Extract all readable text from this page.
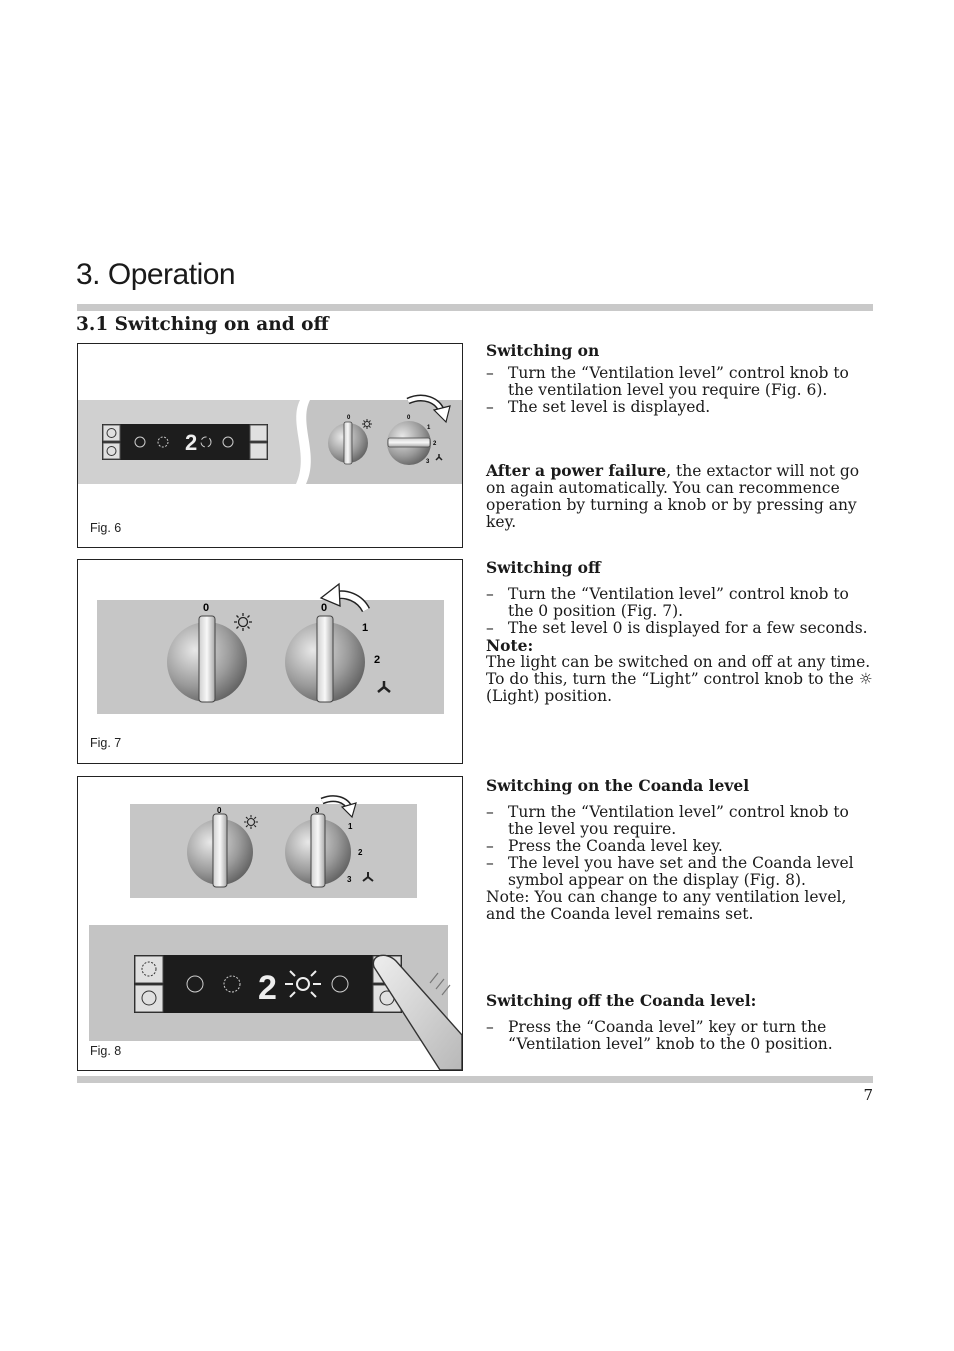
3. Operation
3.1 Switching on and off
2
0	0
1
2
3
Fig. 6
0	0
1
2
Fig. 7
0	0
1
2
3
2
Fig. 8
Switching on

– Turn the “Ventilation level” control knob to the ventilation level you require (Fig. 6).

– The set level is displayed.

After a power failure, the extactor will not go on again automatically. You can recommence operation by turning a knob or by pressing any key.

Switching off

– Turn the “Ventilation level” control knob to the 0 position (Fig. 7).

– The set level 0 is displayed for a few seconds.

Note:

The light can be switched on and off at any time. To do this, turn the “Light” control knob to the ☼ (Light) position.

Switching on the Coanda level

– Turn the “Ventilation level” control knob to the level you require.

– Press the Coanda level key.

– The level you have set and the Coanda level symbol appear on the display (Fig. 8).

Note: You can change to any ventilation level, and the Coanda level remains set.

Switching off the Coanda level:

– Press the “Coanda level” key or turn the “Ventilation level” knob to the 0 position.

7
